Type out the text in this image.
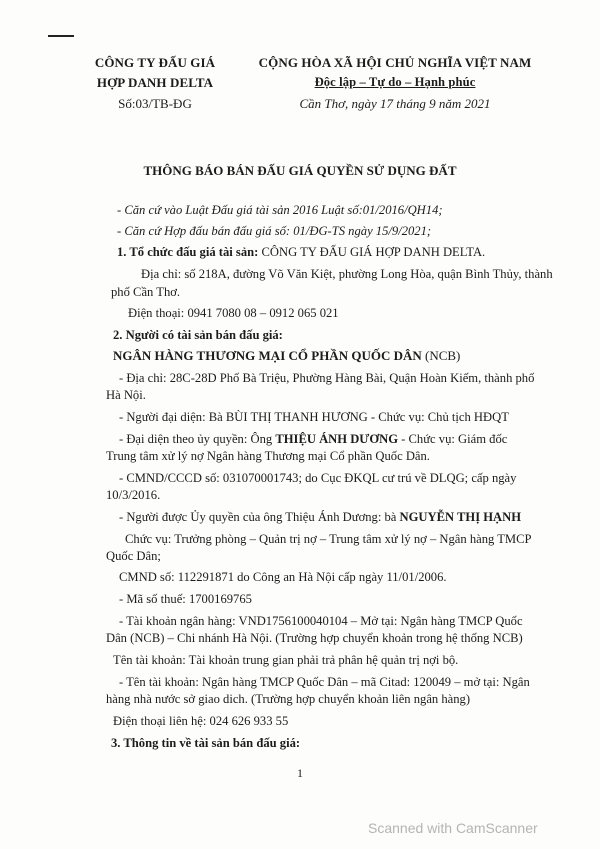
CÔNG TY ĐẤU GIÁ
HỢP DANH DELTA
Số:03/TB-ĐG
CỘNG HÒA XÃ HỘI CHỦ NGHĨA VIỆT NAM
Độc lập – Tự do – Hạnh phúc
Cần Thơ, ngày 17 tháng 9 năm 2021
THÔNG BÁO BÁN ĐẤU GIÁ QUYỀN SỬ DỤNG ĐẤT
- Căn cứ vào Luật Đấu giá tài sản 2016 Luật số:01/2016/QH14;
- Căn cứ Hợp đấu bán đấu giá số: 01/ĐG-TS ngày 15/9/2021;
1. Tổ chức đấu giá tài sản: CÔNG TY ĐẤU GIÁ HỢP DANH DELTA.
Địa chỉ: số 218A, đường Võ Văn Kiệt, phường Long Hòa, quận Bình Thủy, thành
phố Cần Thơ.
Điện thoại: 0941 7080 08 – 0912 065 021
2. Người có tài sản bán đấu giá:
NGÂN HÀNG THƯƠNG MẠI CỔ PHẦN QUỐC DÂN (NCB)
- Địa chỉ: 28C-28D Phố Bà Triệu, Phường Hàng Bài, Quận Hoàn Kiếm, thành phố
Hà Nội.
- Người đại diện: Bà BÙI THỊ THANH HƯƠNG - Chức vụ: Chủ tịch HĐQT
- Đại diện theo ủy quyền: Ông THIỆU ÁNH DƯƠNG - Chức vụ: Giám đốc
Trung tâm xử lý nợ Ngân hàng Thương mại Cổ phần Quốc Dân.
- CMND/CCCD số: 031070001743; do Cục ĐKQL cư trú về DLQG; cấp ngày
10/3/2016.
- Người được Ủy quyền của ông Thiệu Ánh Dương: bà NGUYỄN THỊ HẠNH
Chức vụ: Trưởng phòng – Quản trị nợ – Trung tâm xử lý nợ – Ngân hàng TMCP
Quốc Dân;
CMND số: 112291871 do Công an Hà Nội cấp ngày 11/01/2006.
- Mã số thuế: 1700169765
- Tài khoản ngân hàng: VND1756100040104 – Mở tại: Ngân hàng TMCP Quốc
Dân (NCB) – Chi nhánh Hà Nội. (Trường hợp chuyển khoản trong hệ thống NCB)
Tên tài khoản: Tài khoản trung gian phải trả phân hệ quản trị nợi bộ.
- Tên tài khoản: Ngân hàng TMCP Quốc Dân – mã Citad: 120049 – mở tại: Ngân
hàng nhà nước sở giao dich. (Trường hợp chuyển khoản liên ngân hàng)
Điện thoại liên hệ: 024 626 933 55
3. Thông tin về tài sản bán đấu giá:
1
Scanned with CamScanner
